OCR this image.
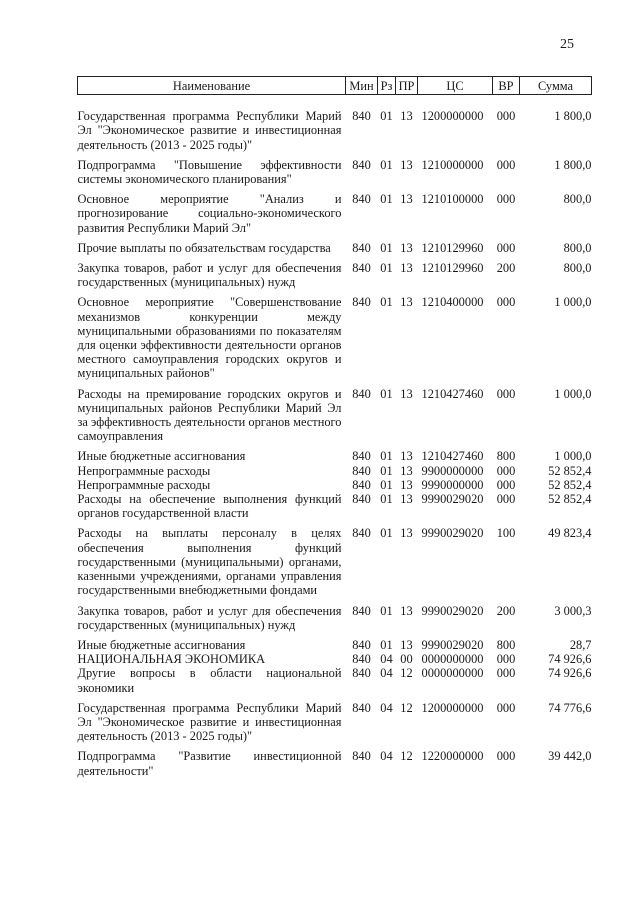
25
Наименование	Мин	Рз	ПР	ЦС	ВР	Сумма
Государственная программа Республики Марий Эл "Экономическое развитие и инвестиционная деятельность (2013 - 2025 годы)"	840	01	13	1200000000	000	1 800,0
Подпрограмма "Повышение эффективности системы экономического планирования"	840	01	13	1210000000	000	1 800,0
Основное мероприятие "Анализ и прогнозирование социально-экономического развития Республики Марий Эл"	840	01	13	1210100000	000	800,0
Прочие выплаты по обязательствам государства	840	01	13	1210129960	000	800,0
Закупка товаров, работ и услуг для обеспечения государственных (муниципальных) нужд	840	01	13	1210129960	200	800,0
Основное мероприятие "Совершенствование механизмов конкуренции между муниципальными образованиями по показателям для оценки эффективности деятельности органов местного самоуправления городских округов и муниципальных районов"	840	01	13	1210400000	000	1 000,0
Расходы на премирование городских округов и муниципальных районов Республики Марий Эл за эффективность деятельности органов местного самоуправления	840	01	13	1210427460	000	1 000,0
Иные бюджетные ассигнования	840	01	13	1210427460	800	1 000,0
Непрограммные расходы	840	01	13	9900000000	000	52 852,4
Непрограммные расходы	840	01	13	9990000000	000	52 852,4
Расходы на обеспечение выполнения функций органов государственной власти	840	01	13	9990029020	000	52 852,4
Расходы на выплаты персоналу в целях обеспечения выполнения функций государственными (муниципальными) органами, казенными учреждениями, органами управления государственными внебюджетными фондами	840	01	13	9990029020	100	49 823,4
Закупка товаров, работ и услуг для обеспечения государственных (муниципальных) нужд	840	01	13	9990029020	200	3 000,3
Иные бюджетные ассигнования	840	01	13	9990029020	800	28,7
НАЦИОНАЛЬНАЯ ЭКОНОМИКА	840	04	00	0000000000	000	74 926,6
Другие вопросы в области национальной экономики	840	04	12	0000000000	000	74 926,6
Государственная программа Республики Марий Эл "Экономическое развитие и инвестиционная деятельность (2013 - 2025 годы)"	840	04	12	1200000000	000	74 776,6
Подпрограмма "Развитие инвестиционной деятельности"	840	04	12	1220000000	000	39 442,0
